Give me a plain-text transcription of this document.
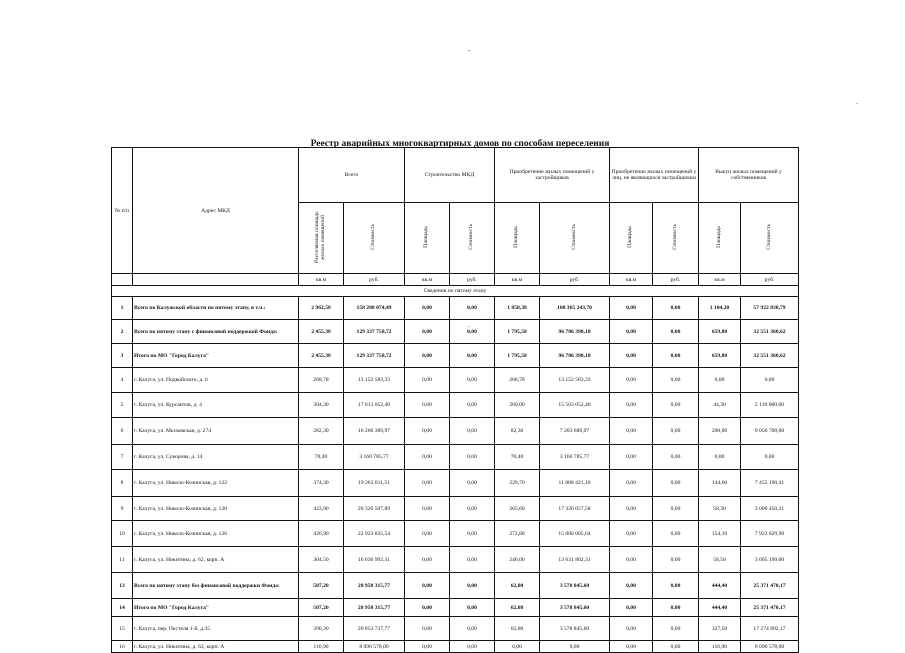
Реестр аварийных многоквартирных домов по способам переселения
-
.
.
№ п/п	Адрес МКД	Всего		Строительство МКД		Приобретение жилых помещений у застройщиков		Приобретение жилых помещений у лиц, не являющихся застройщиком		Выкуп жилых помещений у собственников	
		Расселяемая площадь жилых помещений	Стоимость	Площадь	Стоимость	Площадь	Стоимость	Площадь	Стоимость	Площадь	Стоимость
		кв.м	руб.	кв.м	руб.	кв.м	руб.	кв.м	руб.	кв.м	руб.
Сведения по пятому этапу											
1	Всего по Калужской области по пятому этапу, в т.ч.:	2 962,58	158 288 074,49	0,00	0,00	1 858,38	100 365 243,70	0,00	0,00	1 104,20	57 922 830,79
2	Всего по пятому этапу с финансовой поддержкой Фонда:	2 455,38	129 337 758,72	0,00	0,00	1 795,58	96 786 398,10	0,00	0,00	659,80	32 551 360,62
3	Итого по МО "Город Калуга"	2 455,38	129 337 758,72	0,00	0,00	1 795,58	96 786 398,10	0,00	0,00	659,80	32 551 360,62
4	г. Калуга, ул. Подвойского, д. 6	268,78	13 152 583,33	0,00	0,00	268,78	13 152 583,33	0,00	0,00	0,00	0,00
5	г. Калуга, ул. Курсантов, д. 4	304,30	17 613 052,40	0,00	0,00	260,00	15 503 052,40	0,00	0,00	44,30	2 110 000,00
6	г. Калуга, ул. Московская, д. 274	282,30	16 260 389,97	0,00	0,00	82,30	7 203 689,97	0,00	0,00	200,00	9 056 700,00
7	г. Калуга, ул. Суворова, д. 14	70,40	3 160 785,77	0,00	0,00	70,40	3 160 785,77	0,00	0,00	0,00	0,00
8	г. Калуга, ул. Николо-Козинская, д. 122	374,30	19 263 611,51	0,00	0,00	229,70	11 808 421,10	0,00	0,00	144,60	7 455 190,41
9	г. Калуга, ул. Николо-Козинская, д. 120	423,90	20 326 507,89	0,00	0,00	365,60	17 326 057,58	0,00	0,00	58,30	3 000 450,31
10	г. Калуга, ул. Николо-Козинская, д. 126	426,90	22 923 835,54	0,00	0,00	272,80	15 000 005,64	0,00	0,00	154,10	7 923 829,90
11	г. Калуга, ул. Никитина, д. 62, корп. А	304,50	16 636 992,31	0,00	0,00	246,00	13 631 802,31	0,00	0,00	58,50	3 005 190,00
13	Всего по пятому этапу без финансовой поддержки Фонда:	507,20	28 950 315,77	0,00	0,00	62,80	3 578 845,60	0,00	0,00	444,40	25 371 470,17
14	Итого по МО "Город Калуга"	507,20	28 950 315,77	0,00	0,00	62,80	3 578 845,60	0,00	0,00	444,40	25 371 470,17
15	г. Калуга, пер. Пестеля 1-й, д.35	390,30	20 853 737,77	0,00	0,00	62,80	3 578 845,60	0,00	0,00	327,50	17 274 892,17
16	г. Калуга, ул. Никитина, д. 62, корп. А	116,90	8 096 578,00	0,00	0,00	0,00	0,00	0,00	0,00	116,90	8 096 578,00
